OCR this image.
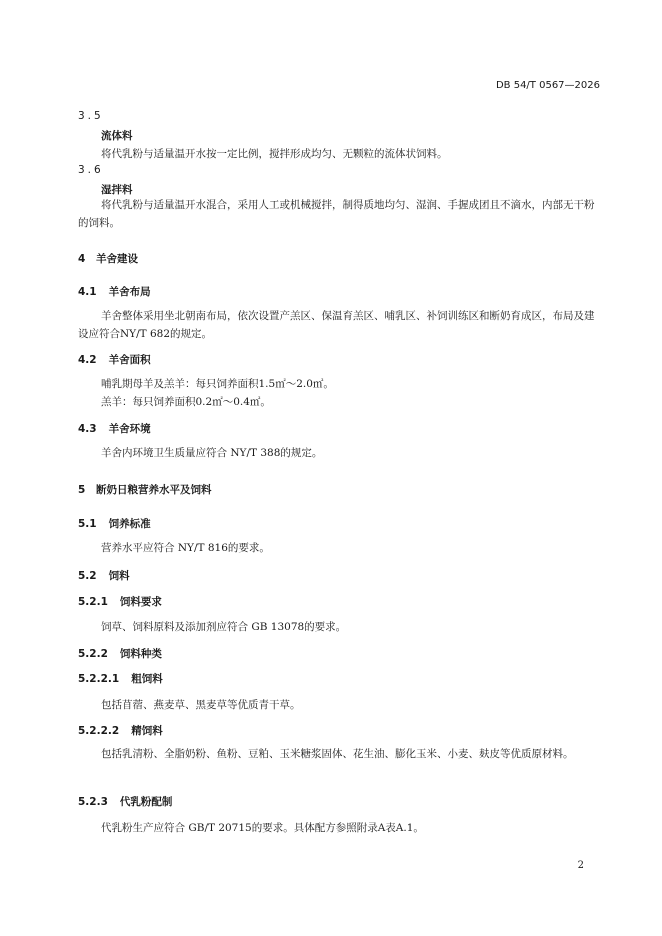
DB 54/T 0567—2026
3.5
流体料
将代乳粉与适量温开水按一定比例，搅拌形成均匀、无颗粒的流体状饲料。
3.6
湿拌料
将代乳粉与适量温开水混合，采用人工或机械搅拌，制得质地均匀、湿润、手握成团且不滴水，内部无干粉的饲料。
4 羊舍建设
4.1 羊舍布局
羊舍整体采用坐北朝南布局，依次设置产羔区、保温育羔区、哺乳区、补饲训练区和断奶育成区，布局及建设应符合NY/T 682的规定。
4.2 羊舍面积
哺乳期母羊及羔羊：每只饲养面积1.5㎡～2.0㎡。
羔羊：每只饲养面积0.2㎡～0.4㎡。
4.3 羊舍环境
羊舍内环境卫生质量应符合 NY/T 388的规定。
5 断奶日粮营养水平及饲料
5.1 饲养标准
营养水平应符合 NY/T 816的要求。
5.2 饲料
5.2.1 饲料要求
饲草、饲料原料及添加剂应符合 GB 13078的要求。
5.2.2 饲料种类
5.2.2.1 粗饲料
包括苜蓿、燕麦草、黑麦草等优质青干草。
5.2.2.2 精饲料
包括乳清粉、全脂奶粉、鱼粉、豆粕、玉米糖浆固体、花生油、膨化玉米、小麦、麸皮等优质原材料。
5.2.3 代乳粉配制
代乳粉生产应符合 GB/T 20715的要求。具体配方参照附录A表A.1。
2
